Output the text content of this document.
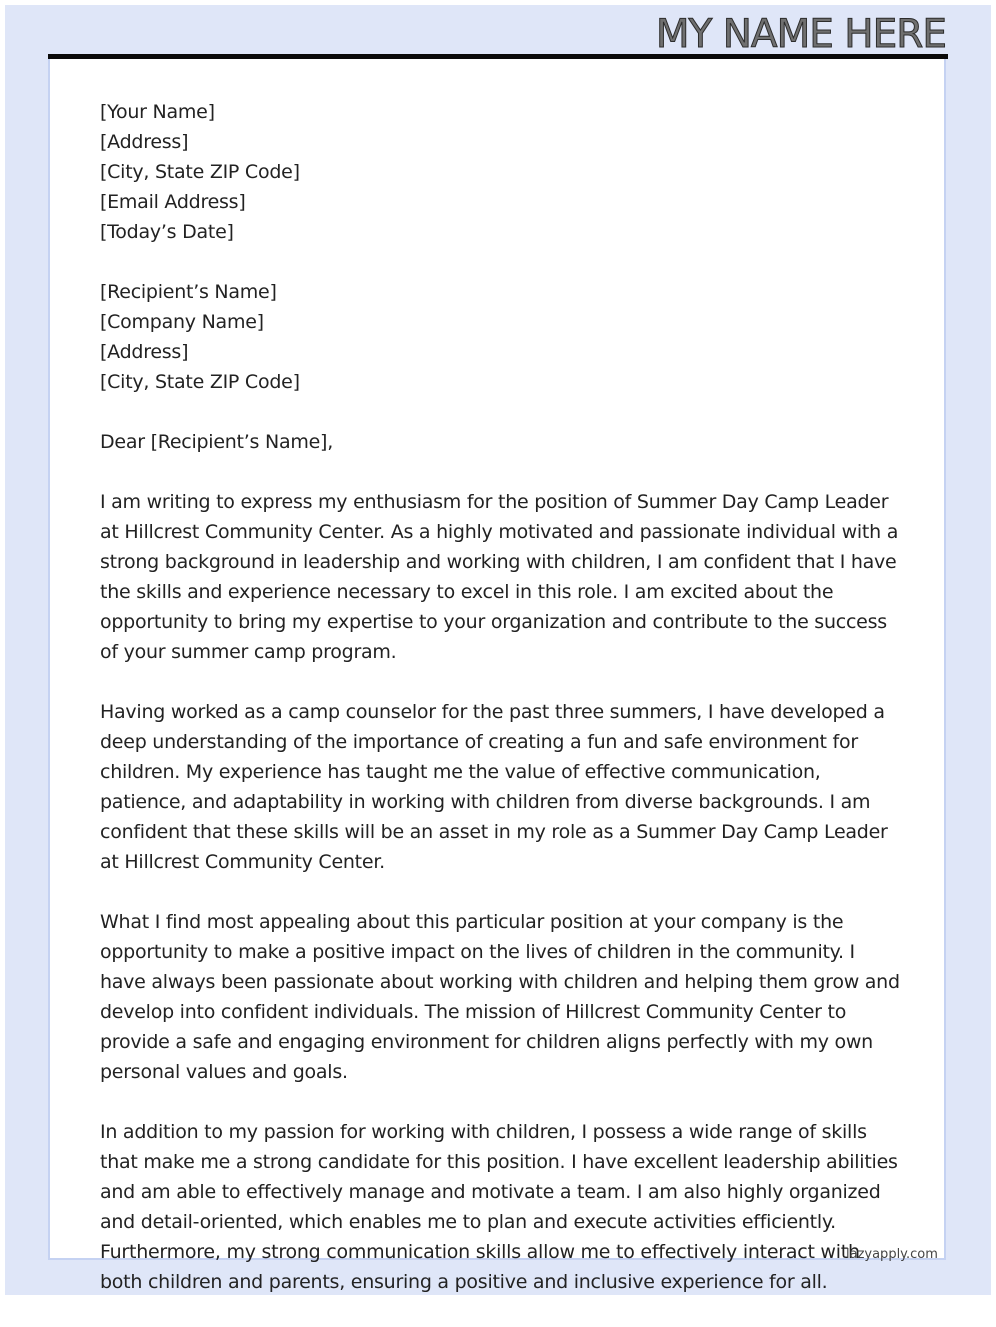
MY NAME HERE
[Your Name]
[Address]
[City, State ZIP Code]
[Email Address]
[Today’s Date]
[Recipient’s Name]
[Company Name]
[Address]
[City, State ZIP Code]
Dear [Recipient’s Name],

I am writing to express my enthusiasm for the position of Summer Day Camp Leader at Hillcrest Community Center. As a highly motivated and passionate individual with a strong background in leadership and working with children, I am confident that I have the skills and experience necessary to excel in this role. I am excited about the opportunity to bring my expertise to your organization and contribute to the success of your summer camp program.

Having worked as a camp counselor for the past three summers, I have developed a deep understanding of the importance of creating a fun and safe environment for children. My experience has taught me the value of effective communication, patience, and adaptability in working with children from diverse backgrounds. I am confident that these skills will be an asset in my role as a Summer Day Camp Leader at Hillcrest Community Center.

What I find most appealing about this particular position at your company is the opportunity to make a positive impact on the lives of children in the community. I have always been passionate about working with children and helping them grow and develop into confident individuals. The mission of Hillcrest Community Center to provide a safe and engaging environment for children aligns perfectly with my own personal values and goals.

In addition to my passion for working with children, I possess a wide range of skills that make me a strong candidate for this position. I have excellent leadership abilities and am able to effectively manage and motivate a team. I am also highly organized and detail-oriented, which enables me to plan and execute activities efficiently. Furthermore, my strong communication skills allow me to effectively interact with both children and parents, ensuring a positive and inclusive experience for all.

lazyapply.com
